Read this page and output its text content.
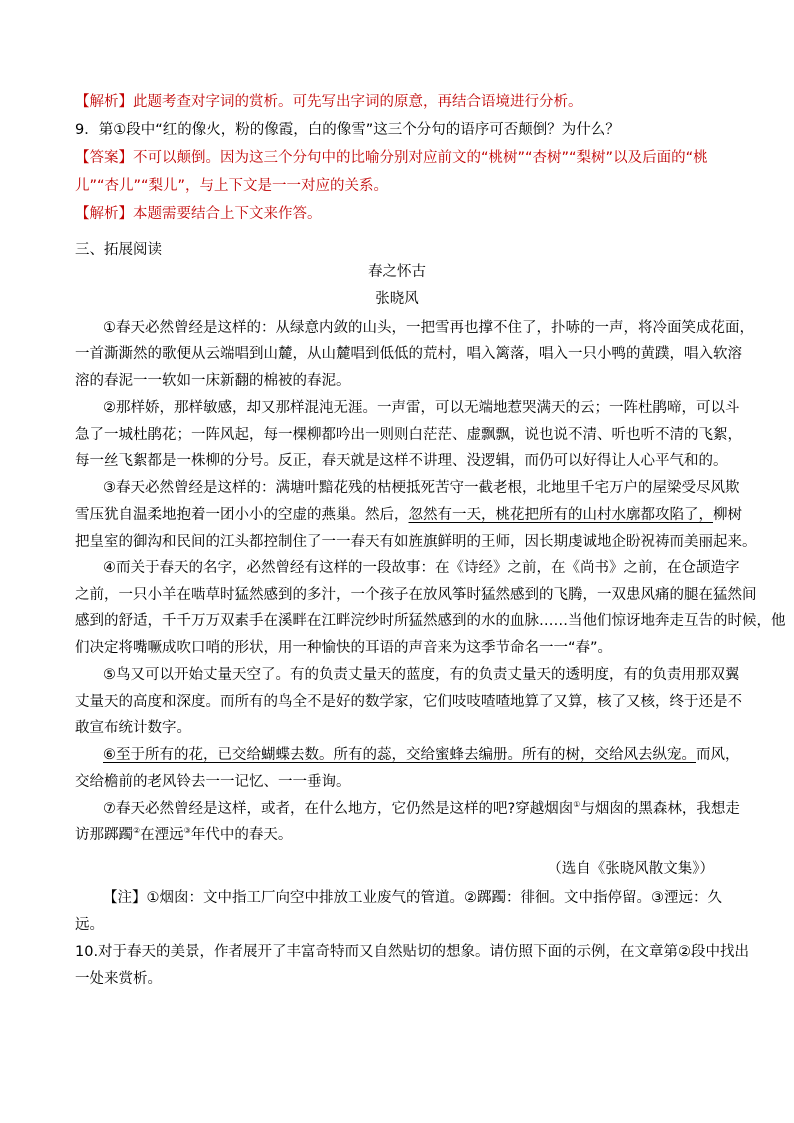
【解析】此题考查对字词的赏析。可先写出字词的原意，再结合语境进行分析。
9．第①段中“红的像火，粉的像霞，白的像雪”这三个分句的语序可否颠倒？为什么？
【答案】不可以颠倒。因为这三个分句中的比喻分别对应前文的“桃树”“杏树”“梨树”以及后面的“桃
儿”“杏儿”“梨儿”，与上下文是一一对应的关系。
【解析】本题需要结合上下文来作答。
三、拓展阅读
春之怀古
张晓风
①春天必然曾经是这样的：从绿意内敛的山头，一把雪再也撑不住了，扑哧的一声，将冷面笑成花面，
一首澌澌然的歌便从云端唱到山麓，从山麓唱到低低的荒村，唱入篱落，唱入一只小鸭的黄蹼，唱入软溶
溶的春泥一一软如一床新翻的棉被的春泥。
②那样娇，那样敏感，却又那样混沌无涯。一声雷，可以无端地惹哭满天的云；一阵杜鹃啼，可以斗
急了一城杜鹃花；一阵风起，每一棵柳都吟出一则则白茫茫、虚飘飘，说也说不清、听也听不清的飞絮，
每一丝飞絮都是一株柳的分号。反正，春天就是这样不讲理、没逻辑，而仍可以好得让人心平气和的。
③春天必然曾经是这样的：满塘叶黯花残的枯梗抵死苦守一截老根，北地里千宅万户的屋梁受尽风欺
雪压犹自温柔地抱着一团小小的空虚的燕巢。然后，忽然有一天，桃花把所有的山村水廓都攻陷了，柳树
把皇室的御沟和民间的江头都控制住了一一春天有如旌旗鲜明的王师，因长期虔诚地企盼祝祷而美丽起来。
④而关于春天的名字，必然曾经有这样的一段故事：在《诗经》之前，在《尚书》之前，在仓颉造字
之前，一只小羊在啮草时猛然感到的多汁，一个孩子在放风筝时猛然感到的飞腾，一双患风痛的腿在猛然间
感到的舒适，千千万万双素手在溪畔在江畔浣纱时所猛然感到的水的血脉……当他们惊讶地奔走互告的时候，他
们决定将嘴噘成吹口哨的形状，用一种愉快的耳语的声音来为这季节命名一一“春”。
⑤鸟又可以开始丈量天空了。有的负责丈量天的蓝度，有的负责丈量天的透明度，有的负责用那双翼
丈量天的高度和深度。而所有的鸟全不是好的数学家，它们吱吱喳喳地算了又算，核了又核，终于还是不
敢宣布统计数字。
⑥至于所有的花，已交给蝴蝶去数。所有的蕊，交给蜜蜂去编册。所有的树，交给风去纵宠。而风，
交给檐前的老风铃去一一记忆、一一垂询。
⑦春天必然曾经是这样，或者，在什么地方，它仍然是这样的吧?穿越烟囱①与烟囱的黑森林，我想走
访那踯躅②在湮远③年代中的春天。
（选自《张晓风散文集》）
【注】①烟囱：文中指工厂向空中排放工业废气的管道。②踯躅：徘徊。文中指停留。③湮远：久
远。
10.对于春天的美景，作者展开了丰富奇特而又自然贴切的想象。请仿照下面的示例，在文章第②段中找出
一处来赏析。
